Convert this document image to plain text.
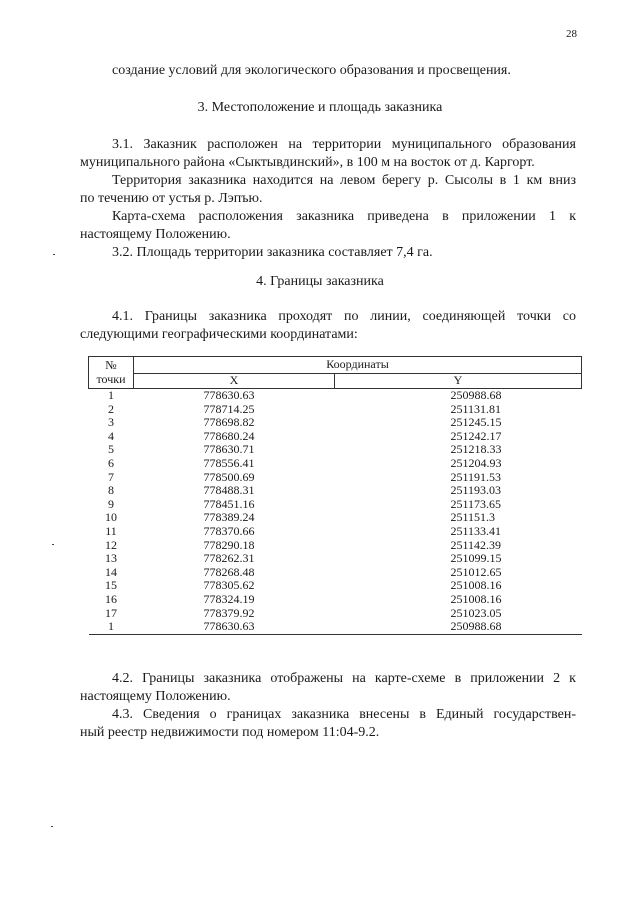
28
создание условий для экологического образования и просвещения.
3. Местоположение и площадь заказника
3.1. Заказник расположен на территории муниципального образования
муниципального района «Сыктывдинский», в 100 м на восток от д. Каргорт.
Территория заказника находится на левом берегу р. Сысолы в 1 км вниз
по течению от устья р. Лэпъю.
Карта-схема расположения заказника приведена в приложении 1 к
настоящему Положению.
3.2. Площадь территории заказника составляет 7,4 га.
4. Границы заказника
4.1. Границы заказника проходят по линии, соединяющей точки со
следующими географическими координатами:
№
точки	Координаты	
	X	Y
1	778630.63	250988.68
2	778714.25	251131.81
3	778698.82	251245.15
4	778680.24	251242.17
5	778630.71	251218.33
6	778556.41	251204.93
7	778500.69	251191.53
8	778488.31	251193.03
9	778451.16	251173.65
10	778389.24	251151.3
11	778370.66	251133.41
12	778290.18	251142.39
13	778262.31	251099.15
14	778268.48	251012.65
15	778305.62	251008.16
16	778324.19	251008.16
17	778379.92	251023.05
1	778630.63	250988.68
4.2. Границы заказника отображены на карте-схеме в приложении 2 к
настоящему Положению.
4.3. Сведения о границах заказника внесены в Единый государствен-
ный реестр недвижимости под номером 11:04-9.2.
